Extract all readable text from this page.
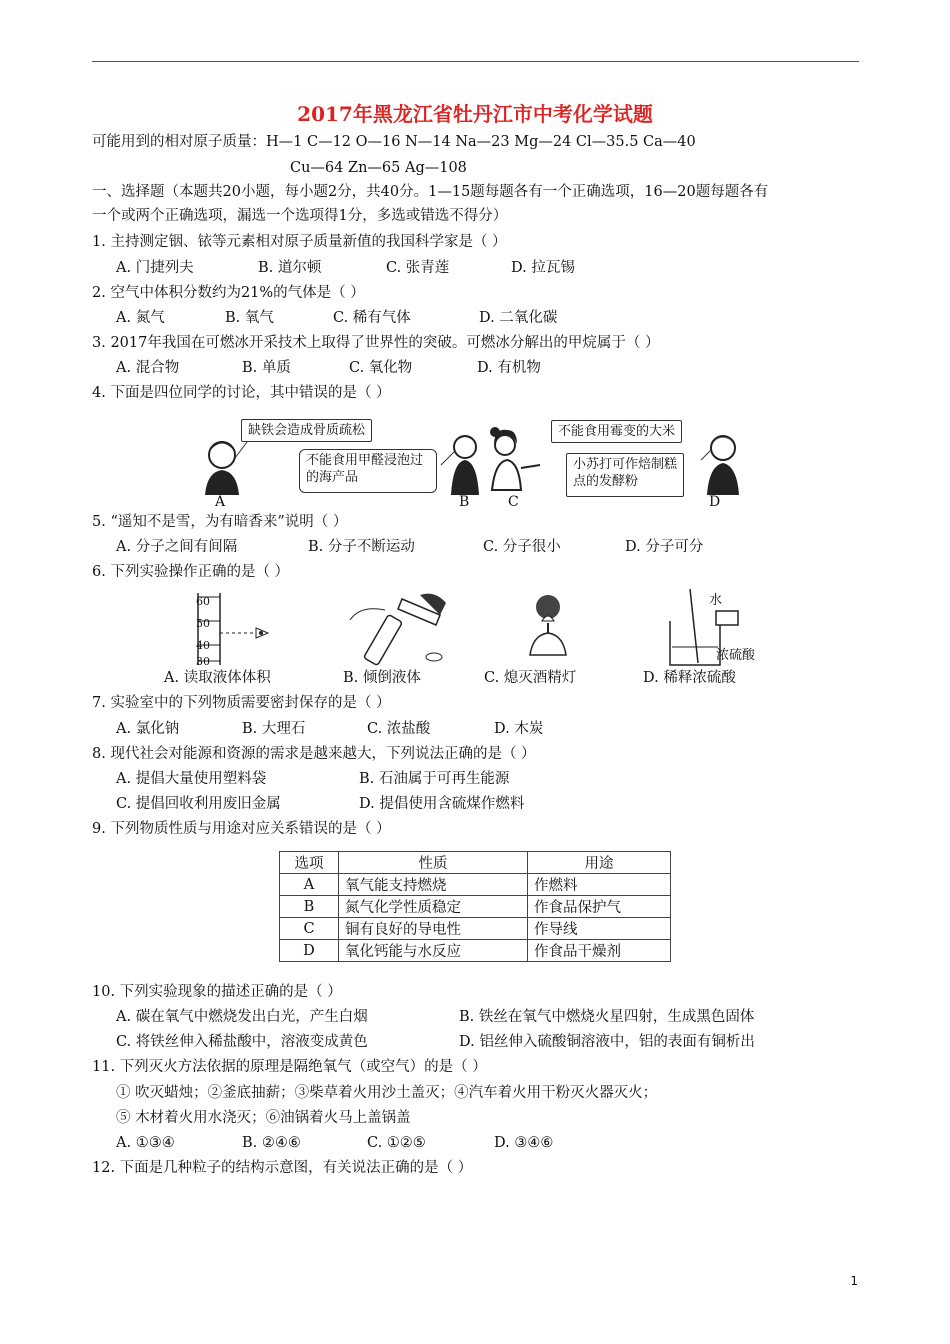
2017年黑龙江省牡丹江市中考化学试题
可能用到的相对原子质量：H—1 C—12 O—16 N—14 Na—23 Mg—24 Cl—35.5 Ca—40
Cu—64 Zn—65 Ag—108
一、选择题（本题共20小题，每小题2分，共40分。1—15题每题各有一个正确选项，16—20题每题各有
一个或两个正确选项，漏选一个选项得1分，多选或错选不得分）
1. 主持测定铟、铱等元素相对原子质量新值的我国科学家是（ ）
A. 门捷列夫	B. 道尔顿	C. 张青莲	D. 拉瓦锡
2. 空气中体积分数约为21%的气体是（ ）
A. 氮气	B. 氧气	C. 稀有气体	D. 二氧化碳
3. 2017年我国在可燃冰开采技术上取得了世界性的突破。可燃冰分解出的甲烷属于（ ）
A. 混合物	B. 单质	C. 氧化物	D. 有机物
4. 下面是四位同学的讨论，其中错误的是（ ）
缺铁会造成骨质疏松
不能食用甲醛浸泡过的海产品
不能食用霉变的大米
小苏打可作焙制糕点的发酵粉
A	B	C	D
5. “遥知不是雪，为有暗香来”说明（ ）
A. 分子之间有间隔	B. 分子不断运动	C. 分子很小	D. 分子可分
6. 下列实验操作正确的是（ ）
60
50
40
30
水
浓硫酸
A. 读取液体体积	B. 倾倒液体	C. 熄灭酒精灯	D. 稀释浓硫酸
7. 实验室中的下列物质需要密封保存的是（ ）
A. 氯化钠	B. 大理石	C. 浓盐酸	D. 木炭
8. 现代社会对能源和资源的需求是越来越大，下列说法正确的是（ ）
A. 提倡大量使用塑料袋	B. 石油属于可再生能源
C. 提倡回收利用废旧金属	D. 提倡使用含硫煤作燃料
9. 下列物质性质与用途对应关系错误的是（ ）
选项	性质	用途
A	氧气能支持燃烧	作燃料
B	氮气化学性质稳定	作食品保护气
C	铜有良好的导电性	作导线
D	氧化钙能与水反应	作食品干燥剂
10. 下列实验现象的描述正确的是（ ）
A. 碳在氧气中燃烧发出白光，产生白烟	B. 铁丝在氧气中燃烧火星四射，生成黑色固体
C. 将铁丝伸入稀盐酸中，溶液变成黄色	D. 铝丝伸入硫酸铜溶液中，铝的表面有铜析出
11. 下列灭火方法依据的原理是隔绝氧气（或空气）的是（ ）
① 吹灭蜡烛；②釜底抽薪；③柴草着火用沙土盖灭；④汽车着火用干粉灭火器灭火；
⑤ 木材着火用水浇灭；⑥油锅着火马上盖锅盖
A. ①③④	B. ②④⑥	C. ①②⑤	D. ③④⑥
12. 下面是几种粒子的结构示意图，有关说法正确的是（ ）
1
